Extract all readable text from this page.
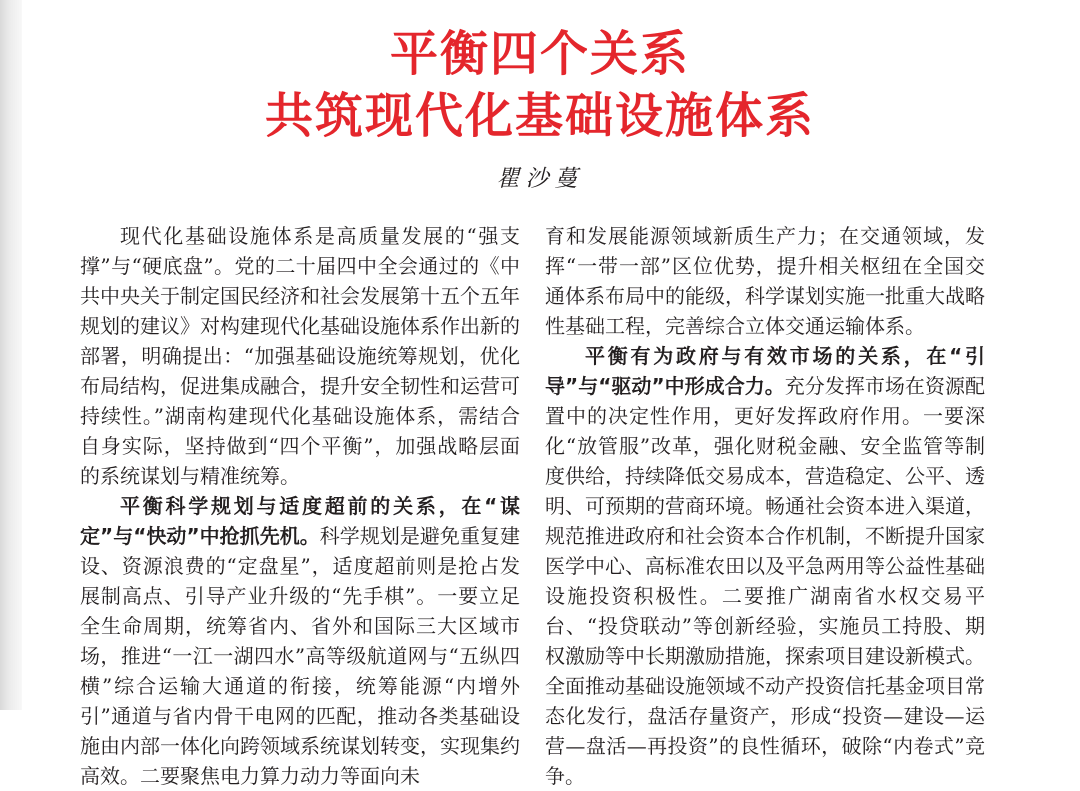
平衡四个关系
共筑现代化基础设施体系

瞿沙蔓

现代化基础设施体系是高质量发展的“强支撑”与“硬底盘”。党的二十届四中全会通过的《中共中央关于制定国民经济和社会发展第十五个五年规划的建议》对构建现代化基础设施体系作出新的部署，明确提出：“加强基础设施统筹规划，优化布局结构，促进集成融合，提升安全韧性和运营可持续性。”湖南构建现代化基础设施体系，需结合自身实际，坚持做到“四个平衡”，加强战略层面的系统谋划与精准统筹。

平衡科学规划与适度超前的关系，在“谋定”与“快动”中抢抓先机。科学规划是避免重复建设、资源浪费的“定盘星”，适度超前则是抢占发展制高点、引导产业升级的“先手棋”。一要立足全生命周期，统筹省内、省外和国际三大区域市场，推进“一江一湖四水”高等级航道网与“五纵四横”综合运输大通道的衔接，统筹能源“内增外引”通道与省内骨干电网的匹配，推动各类基础设施由内部一体化向跨领域系统谋划转变，实现集约高效。二要聚焦电力算力动力等面向未

育和发展能源领域新质生产力；在交通领域，发挥“一带一部”区位优势，提升相关枢纽在全国交通体系布局中的能级，科学谋划实施一批重大战略性基础工程，完善综合立体交通运输体系。

平衡有为政府与有效市场的关系，在“引导”与“驱动”中形成合力。充分发挥市场在资源配置中的决定性作用，更好发挥政府作用。一要深化“放管服”改革，强化财税金融、安全监管等制度供给，持续降低交易成本，营造稳定、公平、透明、可预期的营商环境。畅通社会资本进入渠道，规范推进政府和社会资本合作机制，不断提升国家医学中心、高标准农田以及平急两用等公益性基础设施投资积极性。二要推广湖南省水权交易平台、“投贷联动”等创新经验，实施员工持股、期权激励等中长期激励措施，探索项目建设新模式。全面推动基础设施领域不动产投资信托基金项目常态化发行，盘活存量资产，形成“投资—建设—运营—盘活—再投资”的良性循环，破除“内卷式”竞争。
